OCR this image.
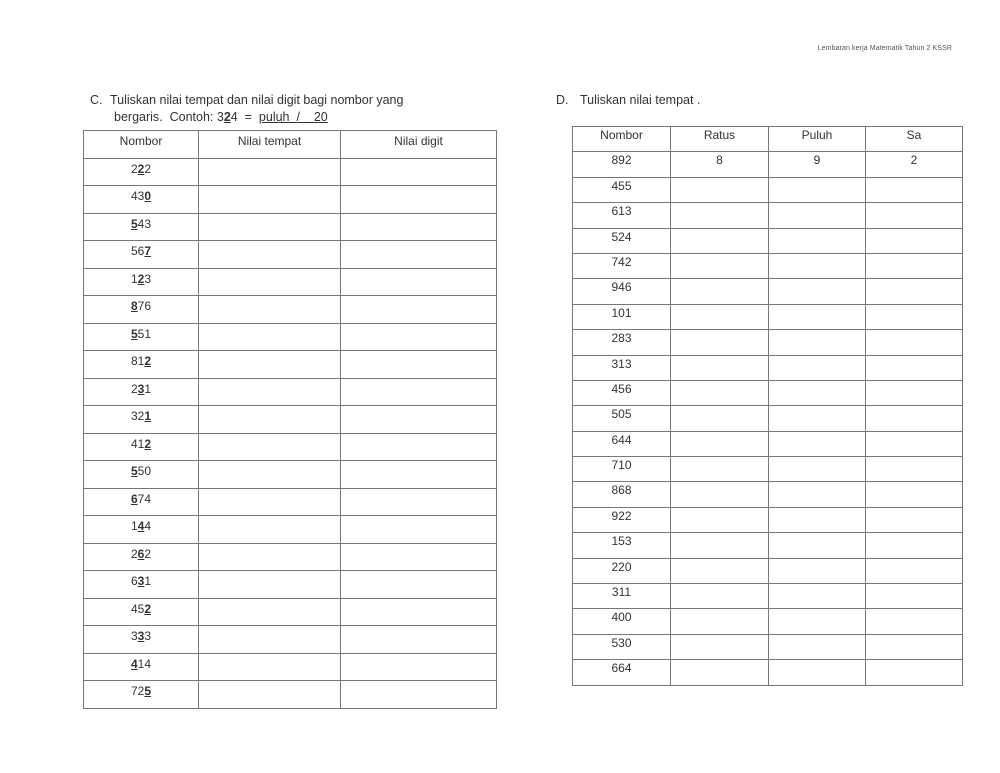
Lembaran kerja Matematik Tahun 2 KSSR
C. Tuliskan nilai tempat dan nilai digit bagi nombor yang
bergaris. Contoh: 324  =  puluh  /    20
Nombor	Nilai tempat	Nilai digit
222		
430		
543		
567		
123		
876		
551		
812		
231		
321		
412		
550		
674		
144		
262		
631		
452		
333		
414		
725		
D. Tuliskan nilai tempat .
Nombor	Ratus	Puluh	Sa
892	8	9	2
455			
613			
524			
742			
946			
101			
283			
313			
456			
505			
644			
710			
868			
922			
153			
220			
311			
400			
530			
664			
